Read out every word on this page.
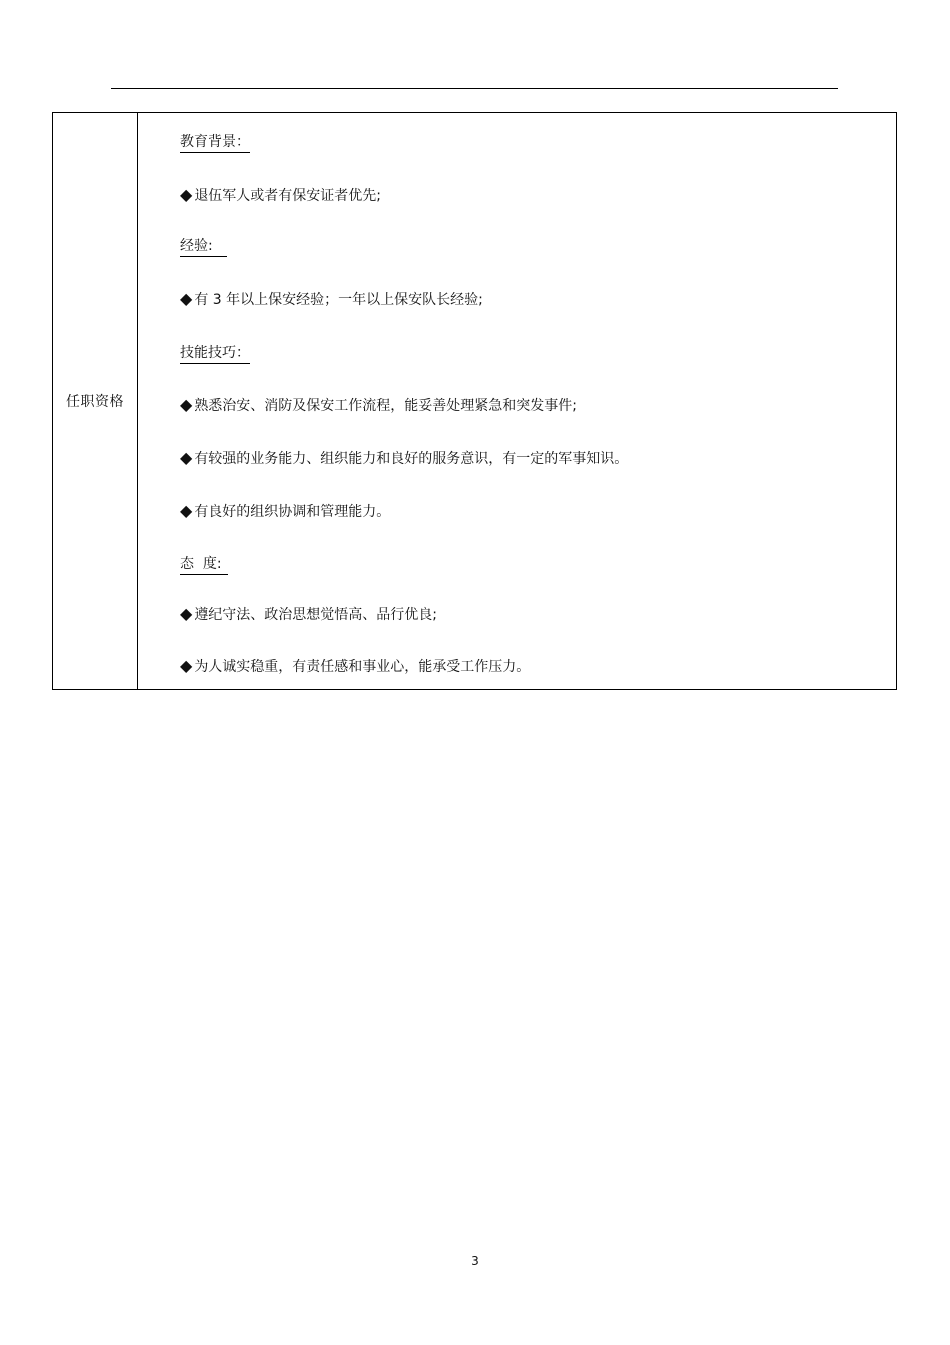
任职资格
教育背景：
◆ 退伍军人或者有保安证者优先;
经验:
◆ 有 3 年以上保安经验；一年以上保安队长经验;
技能技巧：
◆ 熟悉治安、消防及保安工作流程，能妥善处理紧急和突发事件;
◆ 有较强的业务能力、组织能力和良好的服务意识，有一定的军事知识。
◆ 有良好的组织协调和管理能力。
态  度:
◆ 遵纪守法、政治思想觉悟高、品行优良;
◆ 为人诚实稳重，有责任感和事业心，能承受工作压力。
3
